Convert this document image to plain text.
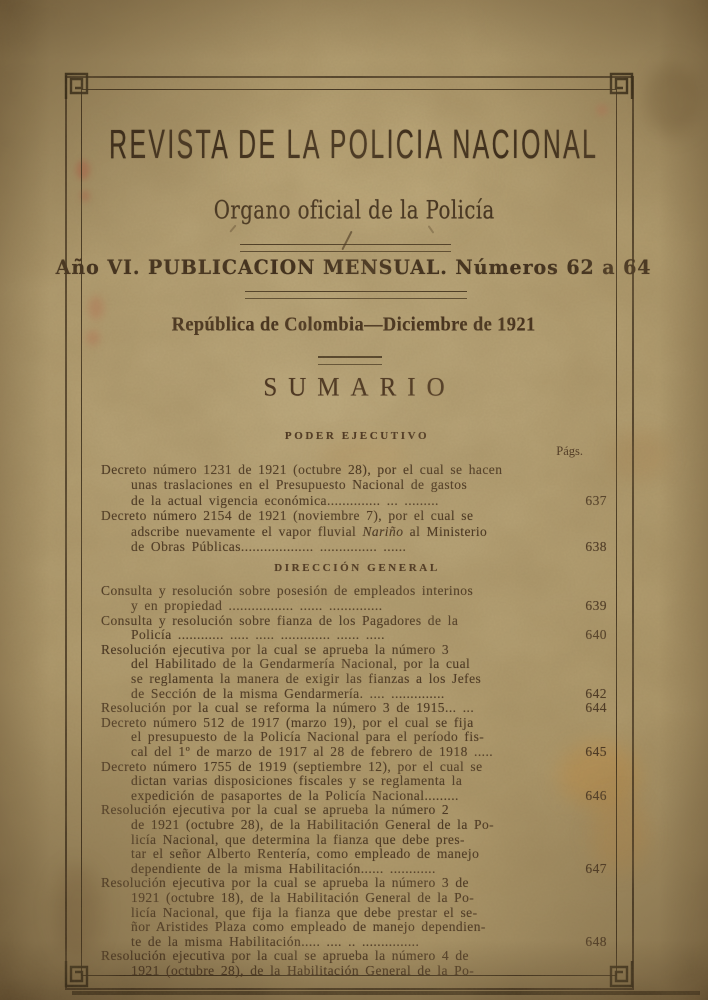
REVISTA DE LA POLICIA NACIONAL
Organo oficial de la Policía
Año VI. PUBLICACION MENSUAL. Números 62 a 64
República de Colombia—Diciembre de 1921
SUMARIO
PODER EJECUTIVO
Págs.
Decreto número 1231 de 1921 (octubre 28), por el cual se hacen
unas traslaciones en el Presupuesto Nacional de gastos
de la actual vigencia económica.............. ... .........	637
Decreto número 2154 de 1921 (noviembre 7), por el cual se
adscribe nuevamente el vapor fluvial Nariño al Ministerio
de Obras Públicas................... ............... ......	638
DIRECCIÓN GENERAL
Consulta y resolución sobre posesión de empleados interinos
y en propiedad ................. ...... ..............	639
Consulta y resolución sobre fianza de los Pagadores de la
Policía ............ ..... ..... ............. ...... .....	640
Resolución ejecutiva por la cual se aprueba la número 3
del Habilitado de la Gendarmería Nacional, por la cual
se reglamenta la manera de exigir las fianzas a los Jefes
de Sección de la misma Gendarmería. .... ..............	642
Resolución por la cual se reforma la número 3 de 1915... ...	644
Decreto número 512 de 1917 (marzo 19), por el cual se fija
el presupuesto de la Policía Nacional para el período fis-
cal del 1º de marzo de 1917 al 28 de febrero de 1918 .....	645
Decreto número 1755 de 1919 (septiembre 12), por el cual se
dictan varias disposiciones fiscales y se reglamenta la
expedición de pasaportes de la Policía Nacional.........	646
Resolución ejecutiva por la cual se aprueba la número 2
de 1921 (octubre 28), de la Habilitación General de la Po-
licía Nacional, que determina la fianza que debe pres-
tar el señor Alberto Rentería, como empleado de manejo
dependiente de la misma Habilitación...... ............	647
Resolución ejecutiva por la cual se aprueba la número 3 de
1921 (octubre 18), de la Habilitación General de la Po-
licía Nacional, que fija la fianza que debe prestar el se-
ñor Aristides Plaza como empleado de manejo dependien-
te de la misma Habilitación..... .... .. ...............	648
Resolución ejecutiva por la cual se aprueba la número 4 de
1921 (octubre 28), de la Habilitación General de la Po-
